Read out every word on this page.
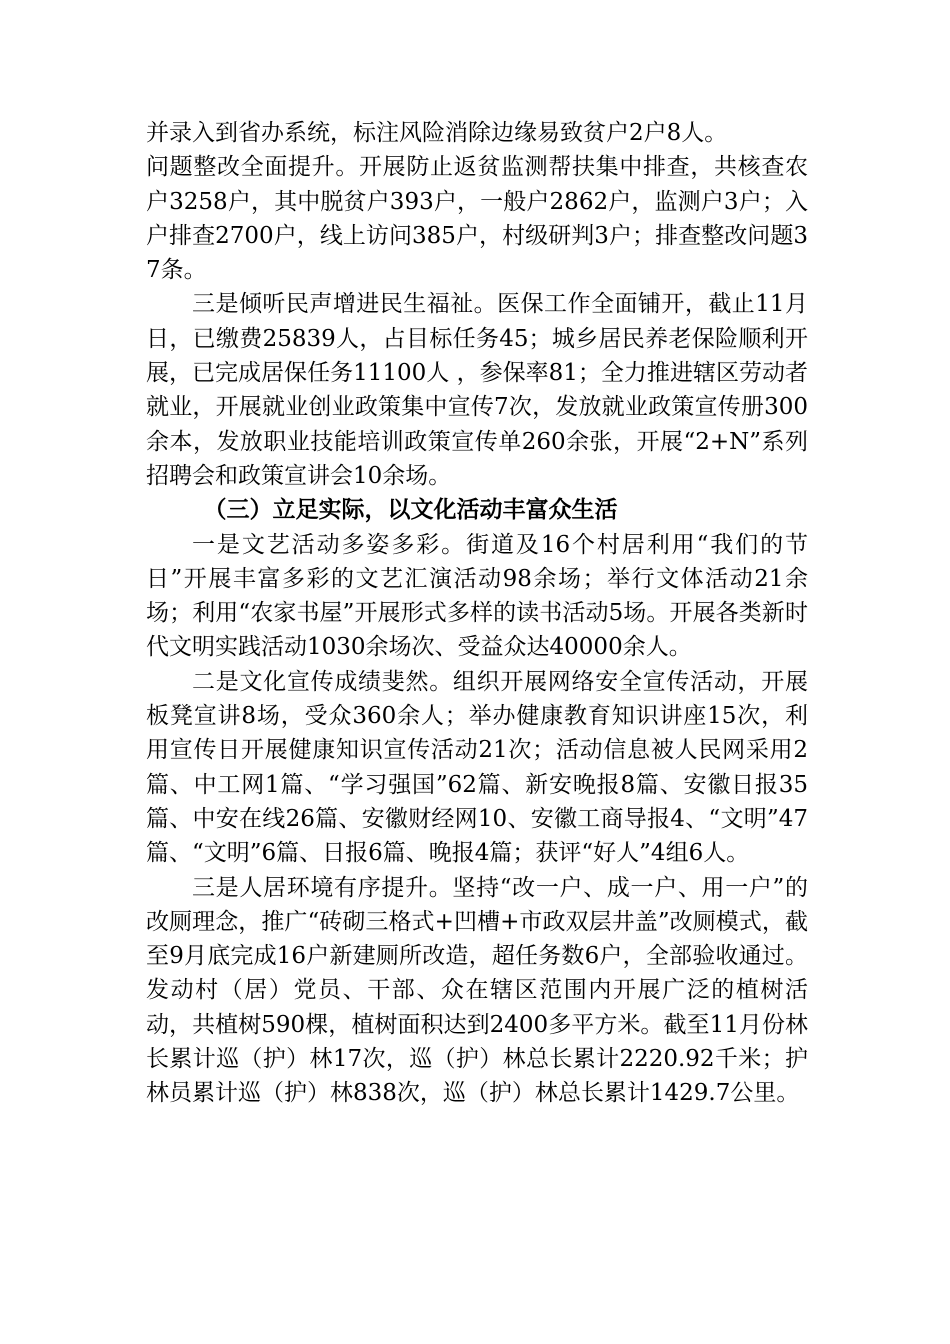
并录入到省办系统，标注风险消除边缘易致贫户2户8人。

问题整改全面提升。开展防止返贫监测帮扶集中排查，共核查农户3258户，其中脱贫户393户，一般户2862户，监测户3户；入户排查2700户，线上访问385户，村级研判3户；排查整改问题37条。

三是倾听民声增进民生福祉。医保工作全面铺开，截止11月日，已缴费25839人，占目标任务45；城乡居民养老保险顺利开展，已完成居保任务11100人 ，参保率81；全力推进辖区劳动者就业，开展就业创业政策集中宣传7次，发放就业政策宣传册300余本，发放职业技能培训政策宣传单260余张，开展“2+N”系列招聘会和政策宣讲会10余场。

（三）立足实际，以文化活动丰富众生活

一是文艺活动多姿多彩。街道及16个村居利用“我们的节日”开展丰富多彩的文艺汇演活动98余场；举行文体活动21余场；利用“农家书屋”开展形式多样的读书活动5场。开展各类新时代文明实践活动1030余场次、受益众达40000余人。

二是文化宣传成绩斐然。组织开展网络安全宣传活动，开展板凳宣讲8场，受众360余人；举办健康教育知识讲座15次，利用宣传日开展健康知识宣传活动21次；活动信息被人民网采用2篇、中工网1篇、“学习强国”62篇、新安晚报8篇、安徽日报35篇、中安在线26篇、安徽财经网10、安徽工商导报4、“文明”47篇、“文明”6篇、日报6篇、晚报4篇；获评“好人”4组6人。

三是人居环境有序提升。坚持“改一户、成一户、用一户”的改厕理念，推广“砖砌三格式+凹槽+市政双层井盖”改厕模式，截至9月底完成16户新建厕所改造，超任务数6户，全部验收通过。发动村（居）党员、干部、众在辖区范围内开展广泛的植树活动，共植树590棵，植树面积达到2400多平方米。截至11月份林长累计巡（护）林17次，巡（护）林总长累计2220.92千米；护林员累计巡（护）林838次，巡（护）林总长累计1429.7公里。
